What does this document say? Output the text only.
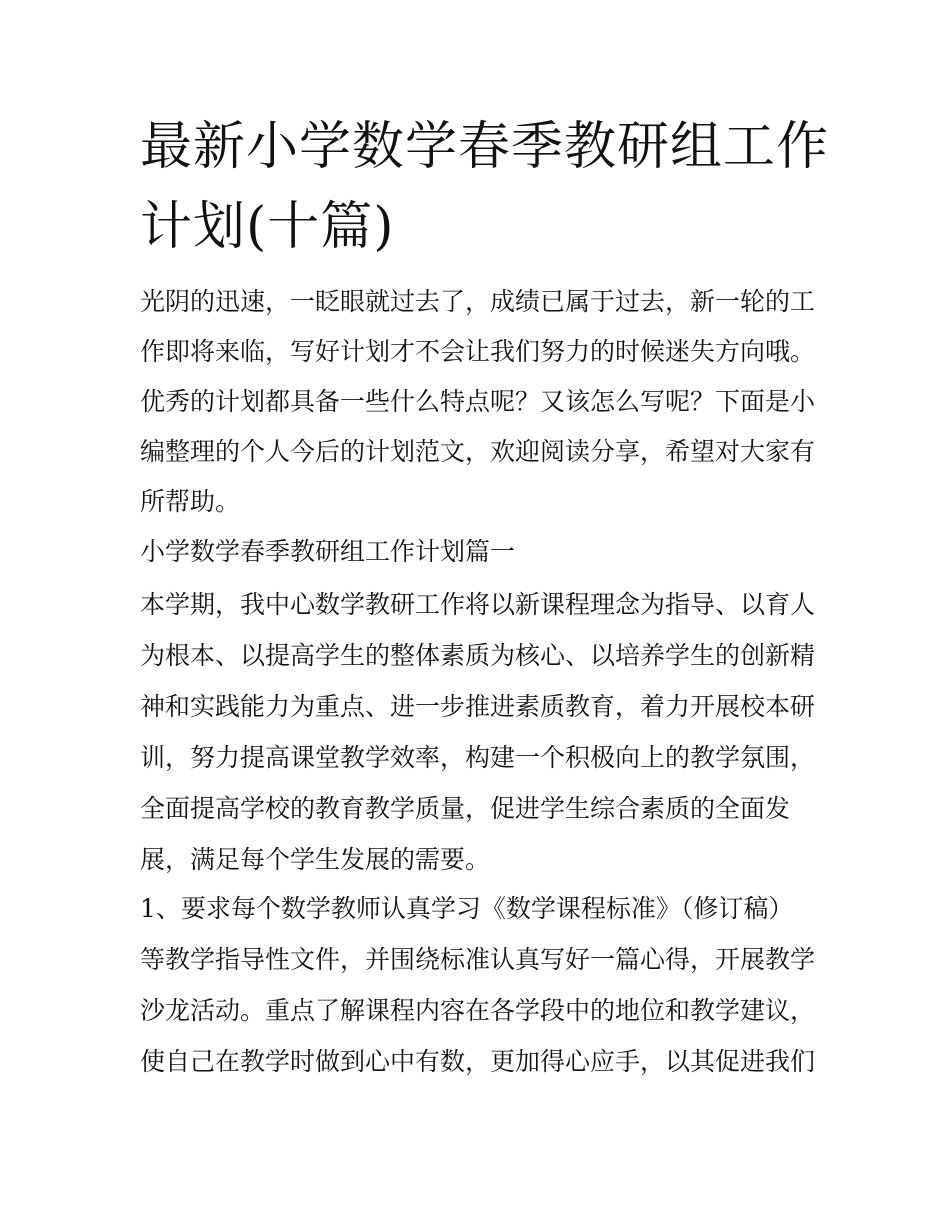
最新小学数学春季教研组工作
计划(十篇)

光阴的迅速，一眨眼就过去了，成绩已属于过去，新一轮的工

作即将来临，写好计划才不会让我们努力的时候迷失方向哦。

优秀的计划都具备一些什么特点呢？又该怎么写呢？下面是小

编整理的个人今后的计划范文，欢迎阅读分享，希望对大家有

所帮助。

小学数学春季教研组工作计划篇一

本学期，我中心数学教研工作将以新课程理念为指导、以育人

为根本、以提高学生的整体素质为核心、以培养学生的创新精

神和实践能力为重点、进一步推进素质教育，着力开展校本研

训，努力提高课堂教学效率，构建一个积极向上的教学氛围，

全面提高学校的教育教学质量，促进学生综合素质的全面发

展，满足每个学生发展的需要。

1、要求每个数学教师认真学习《数学课程标准》（修订稿）

等教学指导性文件，并围绕标准认真写好一篇心得，开展教学

沙龙活动。重点了解课程内容在各学段中的地位和教学建议，

使自己在教学时做到心中有数，更加得心应手，以其促进我们
